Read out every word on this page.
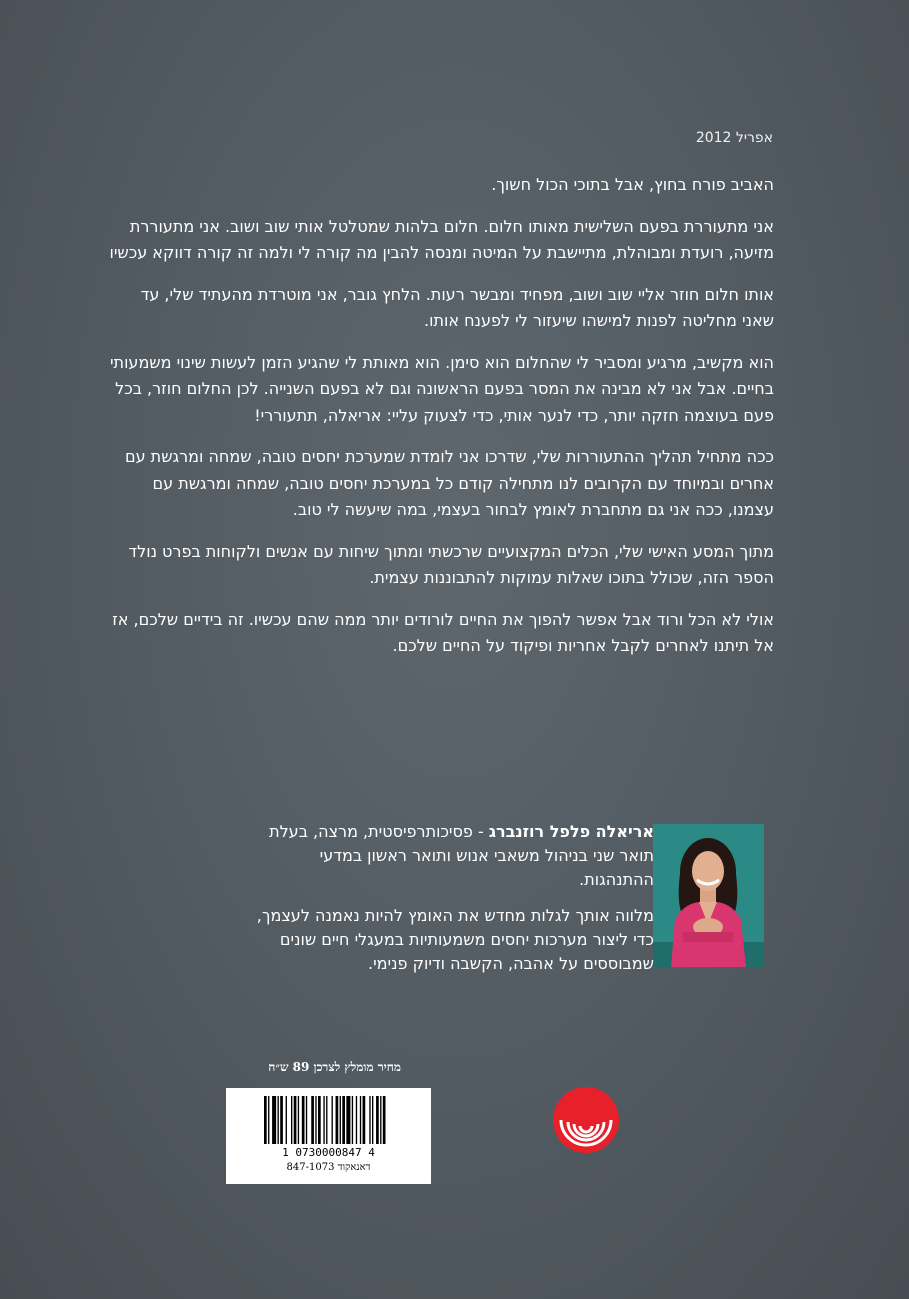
אפריל 2012

האביב פורח בחוץ, אבל בתוכי הכול חשוך.

אני מתעוררת בפעם השלישית מאותו חלום. חלום בלהות שמטלטל אותי שוב ושוב. אני מתעוררת מזיעה, רועדת ומבוהלת, מתיישבת על המיטה ומנסה להבין מה קורה לי ולמה זה קורה דווקא עכשיו

אותו חלום חוזר אליי שוב ושוב, מפחיד ומבשר רעות. הלחץ גובר, אני מוטרדת מהעתיד שלי, עד שאני מחליטה לפנות למישהו שיעזור לי לפענח אותו.

הוא מקשיב, מרגיע ומסביר לי שהחלום הוא סימן. הוא מאותת לי שהגיע הזמן לעשות שינוי משמעותי בחיים. אבל אני לא מבינה את המסר בפעם הראשונה וגם לא בפעם השנייה. לכן החלום חוזר, בכל פעם בעוצמה חזקה יותר, כדי לנער אותי, כדי לצעוק עליי: אריאלה, תתעוררי!

ככה מתחיל תהליך ההתעוררות שלי, שדרכו אני לומדת שמערכת יחסים טובה, שמחה ומרגשת עם אחרים ובמיוחד עם הקרובים לנו מתחילה קודם כל במערכת יחסים טובה, שמחה ומרגשת עם עצמנו, ככה אני גם מתחברת לאומץ לבחור בעצמי, במה שיעשה לי טוב.

מתוך המסע האישי שלי, הכלים המקצועיים שרכשתי ומתוך שיחות עם אנשים ולקוחות בפרט נולד הספר הזה, שכולל בתוכו שאלות עמוקות להתבוננות עצמית.

אולי לא הכל ורוד אבל אפשר להפוך את החיים לורודים יותר ממה שהם עכשיו. זה בידיים שלכם, אז אל תיתנו לאחרים לקבל אחריות ופיקוד על החיים שלכם.

אריאלה פלפל רוזנברג - פסיכותרפיסטית, מרצה, בעלת תואר שני בניהול משאבי אנוש ותואר ראשון במדעי ההתנהגות.

מלווה אותך לגלות מחדש את האומץ להיות נאמנה לעצמך, כדי ליצור מערכות יחסים משמעותיות במעגלי חיים שונים שמבוססים על אהבה, הקשבה ודיוק פנימי.

מחיר מומלץ לצרכן 89 ש״ח
1 0730000847 4
דאנאקוד 847-1073
